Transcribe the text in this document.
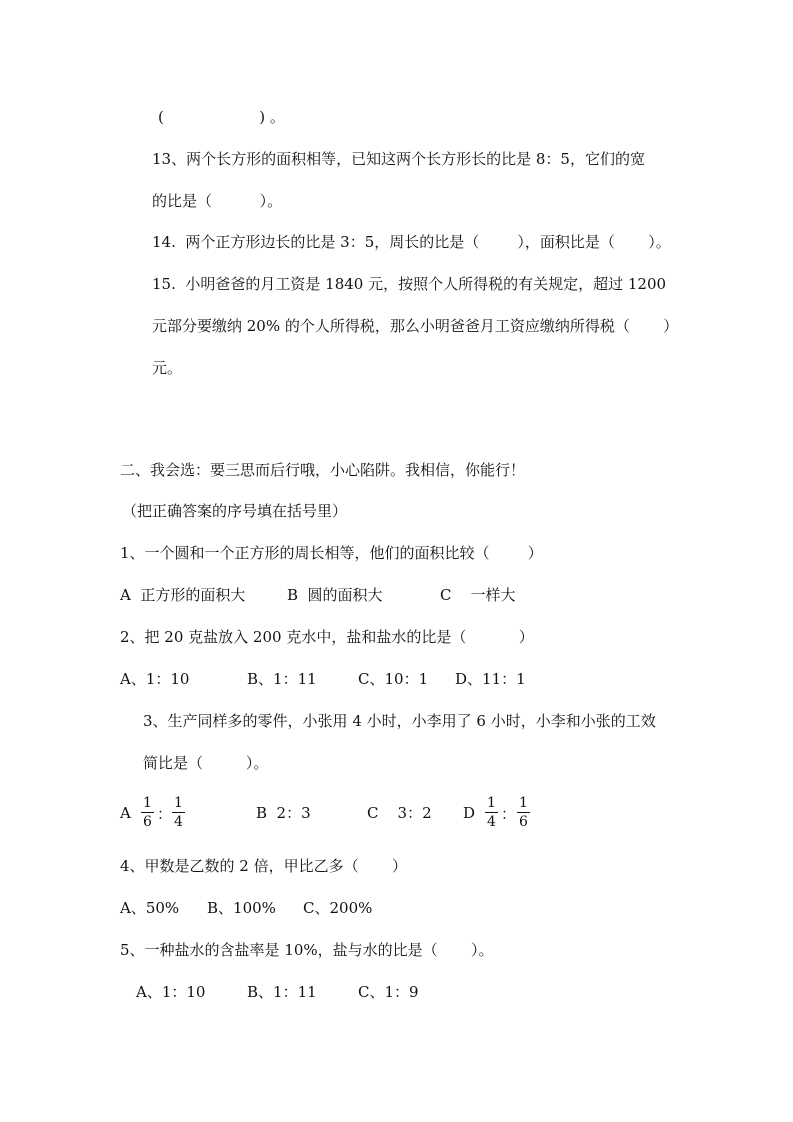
(                    ) 。
13、两个长方形的面积相等，已知这两个长方形长的比是 8：5，它们的宽
的比是（          ）。
14.  两个正方形边长的比是 3：5，周长的比是（        ），面积比是（       ）。
15.  小明爸爸的月工资是 1840 元，按照个人所得税的有关规定，超过 1200
元部分要缴纳 20% 的个人所得税，那么小明爸爸月工资应缴纳所得税（       ）
元。
二、我会选：要三思而后行哦，小心陷阱。我相信，你能行！
（把正确答案的序号填在括号里）
1、一个圆和一个正方形的周长相等，他们的面积比较（        ）
A  正方形的面积大	B  圆的面积大	C    一样大
2、把 20 克盐放入 200 克水中，盐和盐水的比是（           ）
A、1：10	B、1：11	C、10：1 D、11：1
3、生产同样多的零件，小张用 4 小时，小李用了 6 小时，小李和小张的工效
简比是（         ）。
A $\frac{1}{6}$ ： $\frac{1}{4}$	B  2：3	C    3：2 D $\frac{1}{4}$ ： $\frac{1}{6}$
4、甲数是乙数的 2 倍，甲比乙多（       ）
A、50% B、100% C、200%
5、一种盐水的含盐率是 10%，盐与水的比是（       ）。
A、1：10	B、1：11	C、1：9
